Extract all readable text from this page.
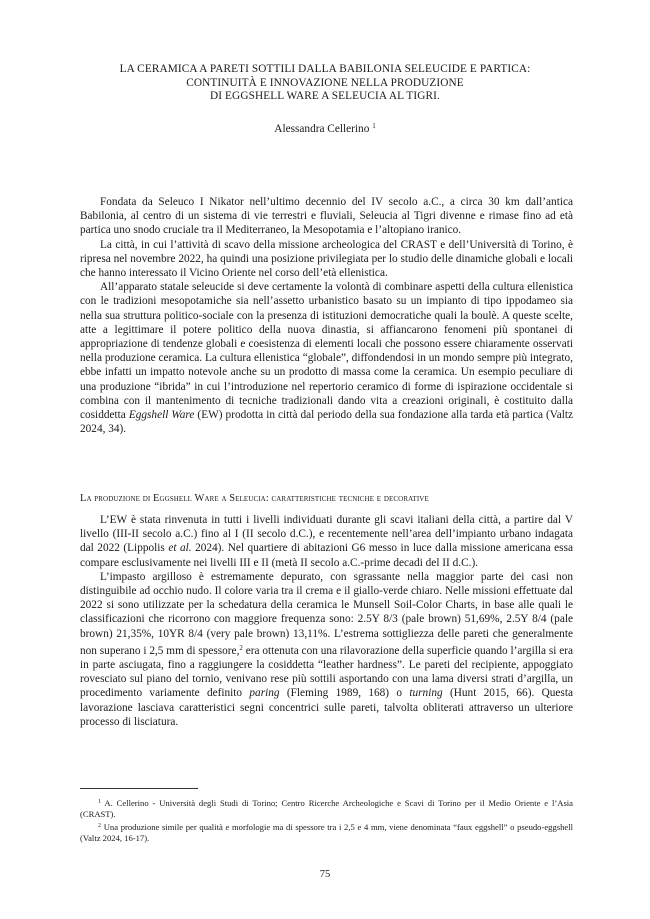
LA CERAMICA A PARETI SOTTILI DALLA BABILONIA SELEUCIDE E PARTICA:
CONTINUITÀ E INNOVAZIONE NELLA PRODUZIONE
DI EGGSHELL WARE A SELEUCIA AL TIGRI.
Alessandra Cellerino $^1$

Fondata da Seleuco I Nikator nell’ultimo decennio del IV secolo a.C., a circa 30 km dall’antica Babilonia, al centro di un sistema di vie terrestri e fluviali, Seleucia al Tigri divenne e rimase fino ad età partica uno snodo cruciale tra il Mediterraneo, la Mesopotamia e l’altopiano iranico.

La città, in cui l’attività di scavo della missione archeologica del CRAST e dell’Università di Torino, è ripresa nel novembre 2022, ha quindi una posizione privilegiata per lo studio delle dinamiche globali e locali che hanno interessato il Vicino Oriente nel corso dell’età ellenistica.

All’apparato statale seleucide si deve certamente la volontà di combinare aspetti della cultura ellenistica con le tradizioni mesopotamiche sia nell’assetto urbanistico basato su un impianto di tipo ippodameo sia nella sua struttura politico-sociale con la presenza di istituzioni democratiche quali la boulè. A queste scelte, atte a legittimare il potere politico della nuova dinastia, si affiancarono fenomeni più spontanei di appropriazione di tendenze globali e coesistenza di elementi locali che possono essere chiaramente osservati nella produzione ceramica. La cultura ellenistica “globale”, diffondendosi in un mondo sempre più integrato, ebbe infatti un impatto notevole anche su un prodotto di massa come la ceramica. Un esempio peculiare di una produzione “ibrida” in cui l’introduzione nel repertorio ceramico di forme di ispirazione occidentale si combina con il mantenimento di tecniche tradizionali dando vita a creazioni originali, è costituito dalla cosiddetta Eggshell Ware (EW) prodotta in città dal periodo della sua fondazione alla tarda età partica (Valtz 2024, 34).

La produzione di Eggshell Ware a Seleucia: caratteristiche tecniche e decorative

L’EW è stata rinvenuta in tutti i livelli individuati durante gli scavi italiani della città, a partire dal V livello (III-II secolo a.C.) fino al I (II secolo d.C.), e recentemente nell’area dell’impianto urbano indagata dal 2022 (Lippolis et al. 2024). Nel quartiere di abitazioni G6 messo in luce dalla missione americana essa compare esclusivamente nei livelli III e II (metà II secolo a.C.-prime decadi del II d.C.).

L’impasto argilloso è estremamente depurato, con sgrassante nella maggior parte dei casi non distinguibile ad occhio nudo. Il colore varia tra il crema e il giallo-verde chiaro. Nelle missioni effettuate dal 2022 si sono utilizzate per la schedatura della ceramica le Munsell Soil-Color Charts, in base alle quali le classificazioni che ricorrono con maggiore frequenza sono: 2.5Y 8/3 (pale brown) 51,69%, 2.5Y 8/4 (pale brown) 21,35%, 10YR 8/4 (very pale brown) 13,11%. L’estrema sottigliezza delle pareti che generalmente non superano i 2,5 mm di spessore,$^2$ era ottenuta con una rilavorazione della superficie quando l’argilla si era in parte asciugata, fino a raggiungere la cosiddetta “leather hardness”. Le pareti del recipiente, appoggiato rovesciato sul piano del tornio, venivano rese più sottili asportando con una lama diversi strati d’argilla, un procedimento variamente definito paring (Fleming 1989, 168) o turning (Hunt 2015, 66). Questa lavorazione lasciava caratteristici segni concentrici sulle pareti, talvolta obliterati attraverso un ulteriore processo di lisciatura.

$^1$ A. Cellerino - Università degli Studi di Torino; Centro Ricerche Archeologiche e Scavi di Torino per il Medio Oriente e l’Asia (CRAST).

$^2$ Una produzione simile per qualità e morfologie ma di spessore tra i 2,5 e 4 mm, viene denominata “faux eggshell” o pseudo-eggshell (Valtz 2024, 16-17).

75
